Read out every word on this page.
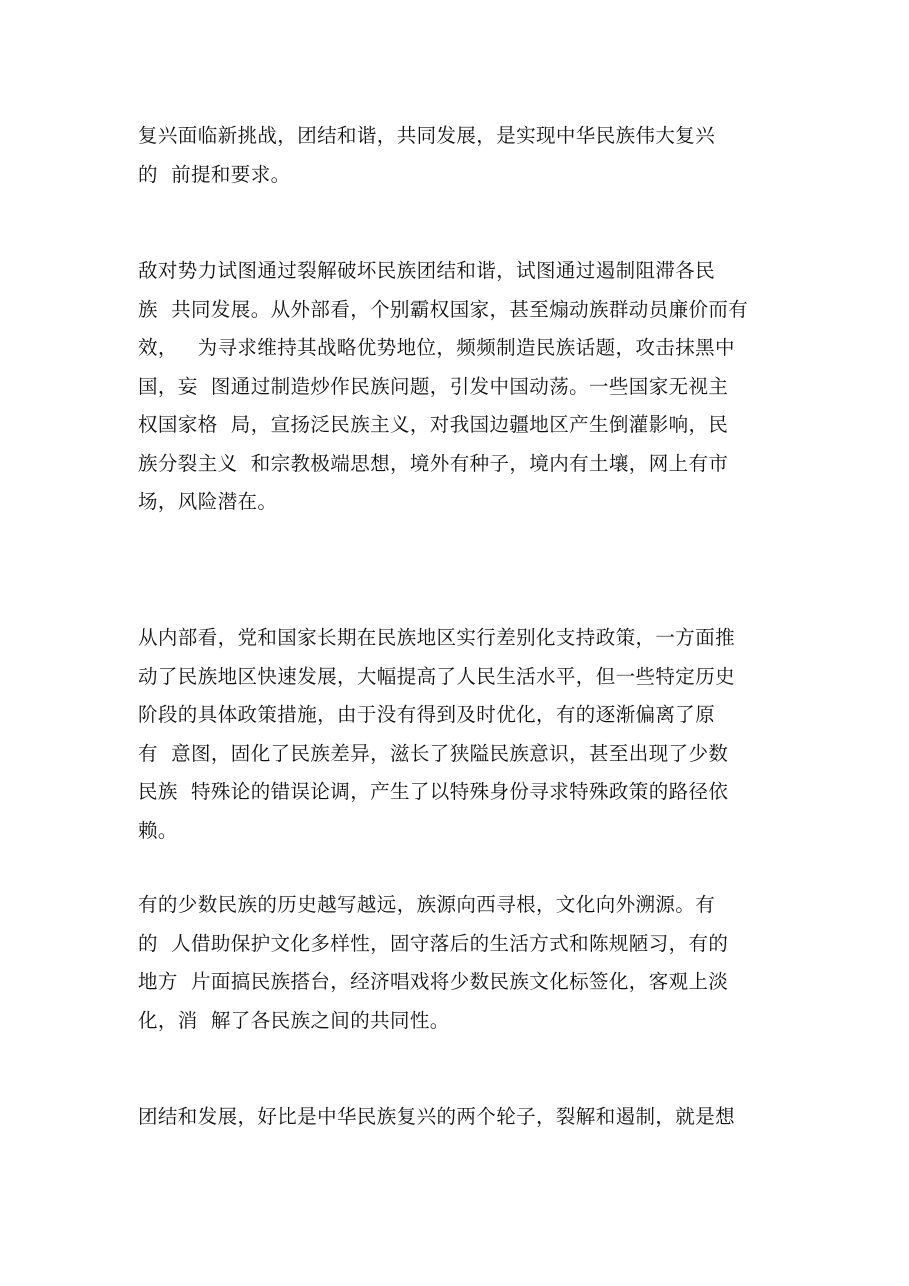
复兴面临新挑战，团结和谐，共同发展，是实现中华民族伟大复兴
的  前提和要求。
敌对势力试图通过裂解破坏民族团结和谐，试图通过遏制阻滞各民
族  共同发展。从外部看，个别霸权国家，甚至煽动族群动员廉价而有
效，   为寻求维持其战略优势地位，频频制造民族话题，攻击抹黑中
国，妄  图通过制造炒作民族问题，引发中国动荡。一些国家无视主
权国家格  局，宣扬泛民族主义，对我国边疆地区产生倒灌影响，民
族分裂主义  和宗教极端思想，境外有种子，境内有土壤，网上有市
场，风险潜在。
从内部看，党和国家长期在民族地区实行差别化支持政策，一方面推
动了民族地区快速发展，大幅提高了人民生活水平，但一些特定历史
阶段的具体政策措施，由于没有得到及时优化，有的逐渐偏离了原
有  意图，固化了民族差异，滋长了狭隘民族意识，甚至出现了少数
民族  特殊论的错误论调，产生了以特殊身份寻求特殊政策的路径依
赖。
有的少数民族的历史越写越远，族源向西寻根，文化向外溯源。有
的  人借助保护文化多样性，固守落后的生活方式和陈规陋习，有的
地方  片面搞民族搭台，经济唱戏将少数民族文化标签化，客观上淡
化，消  解了各民族之间的共同性。
团结和发展，好比是中华民族复兴的两个轮子，裂解和遏制，就是想
